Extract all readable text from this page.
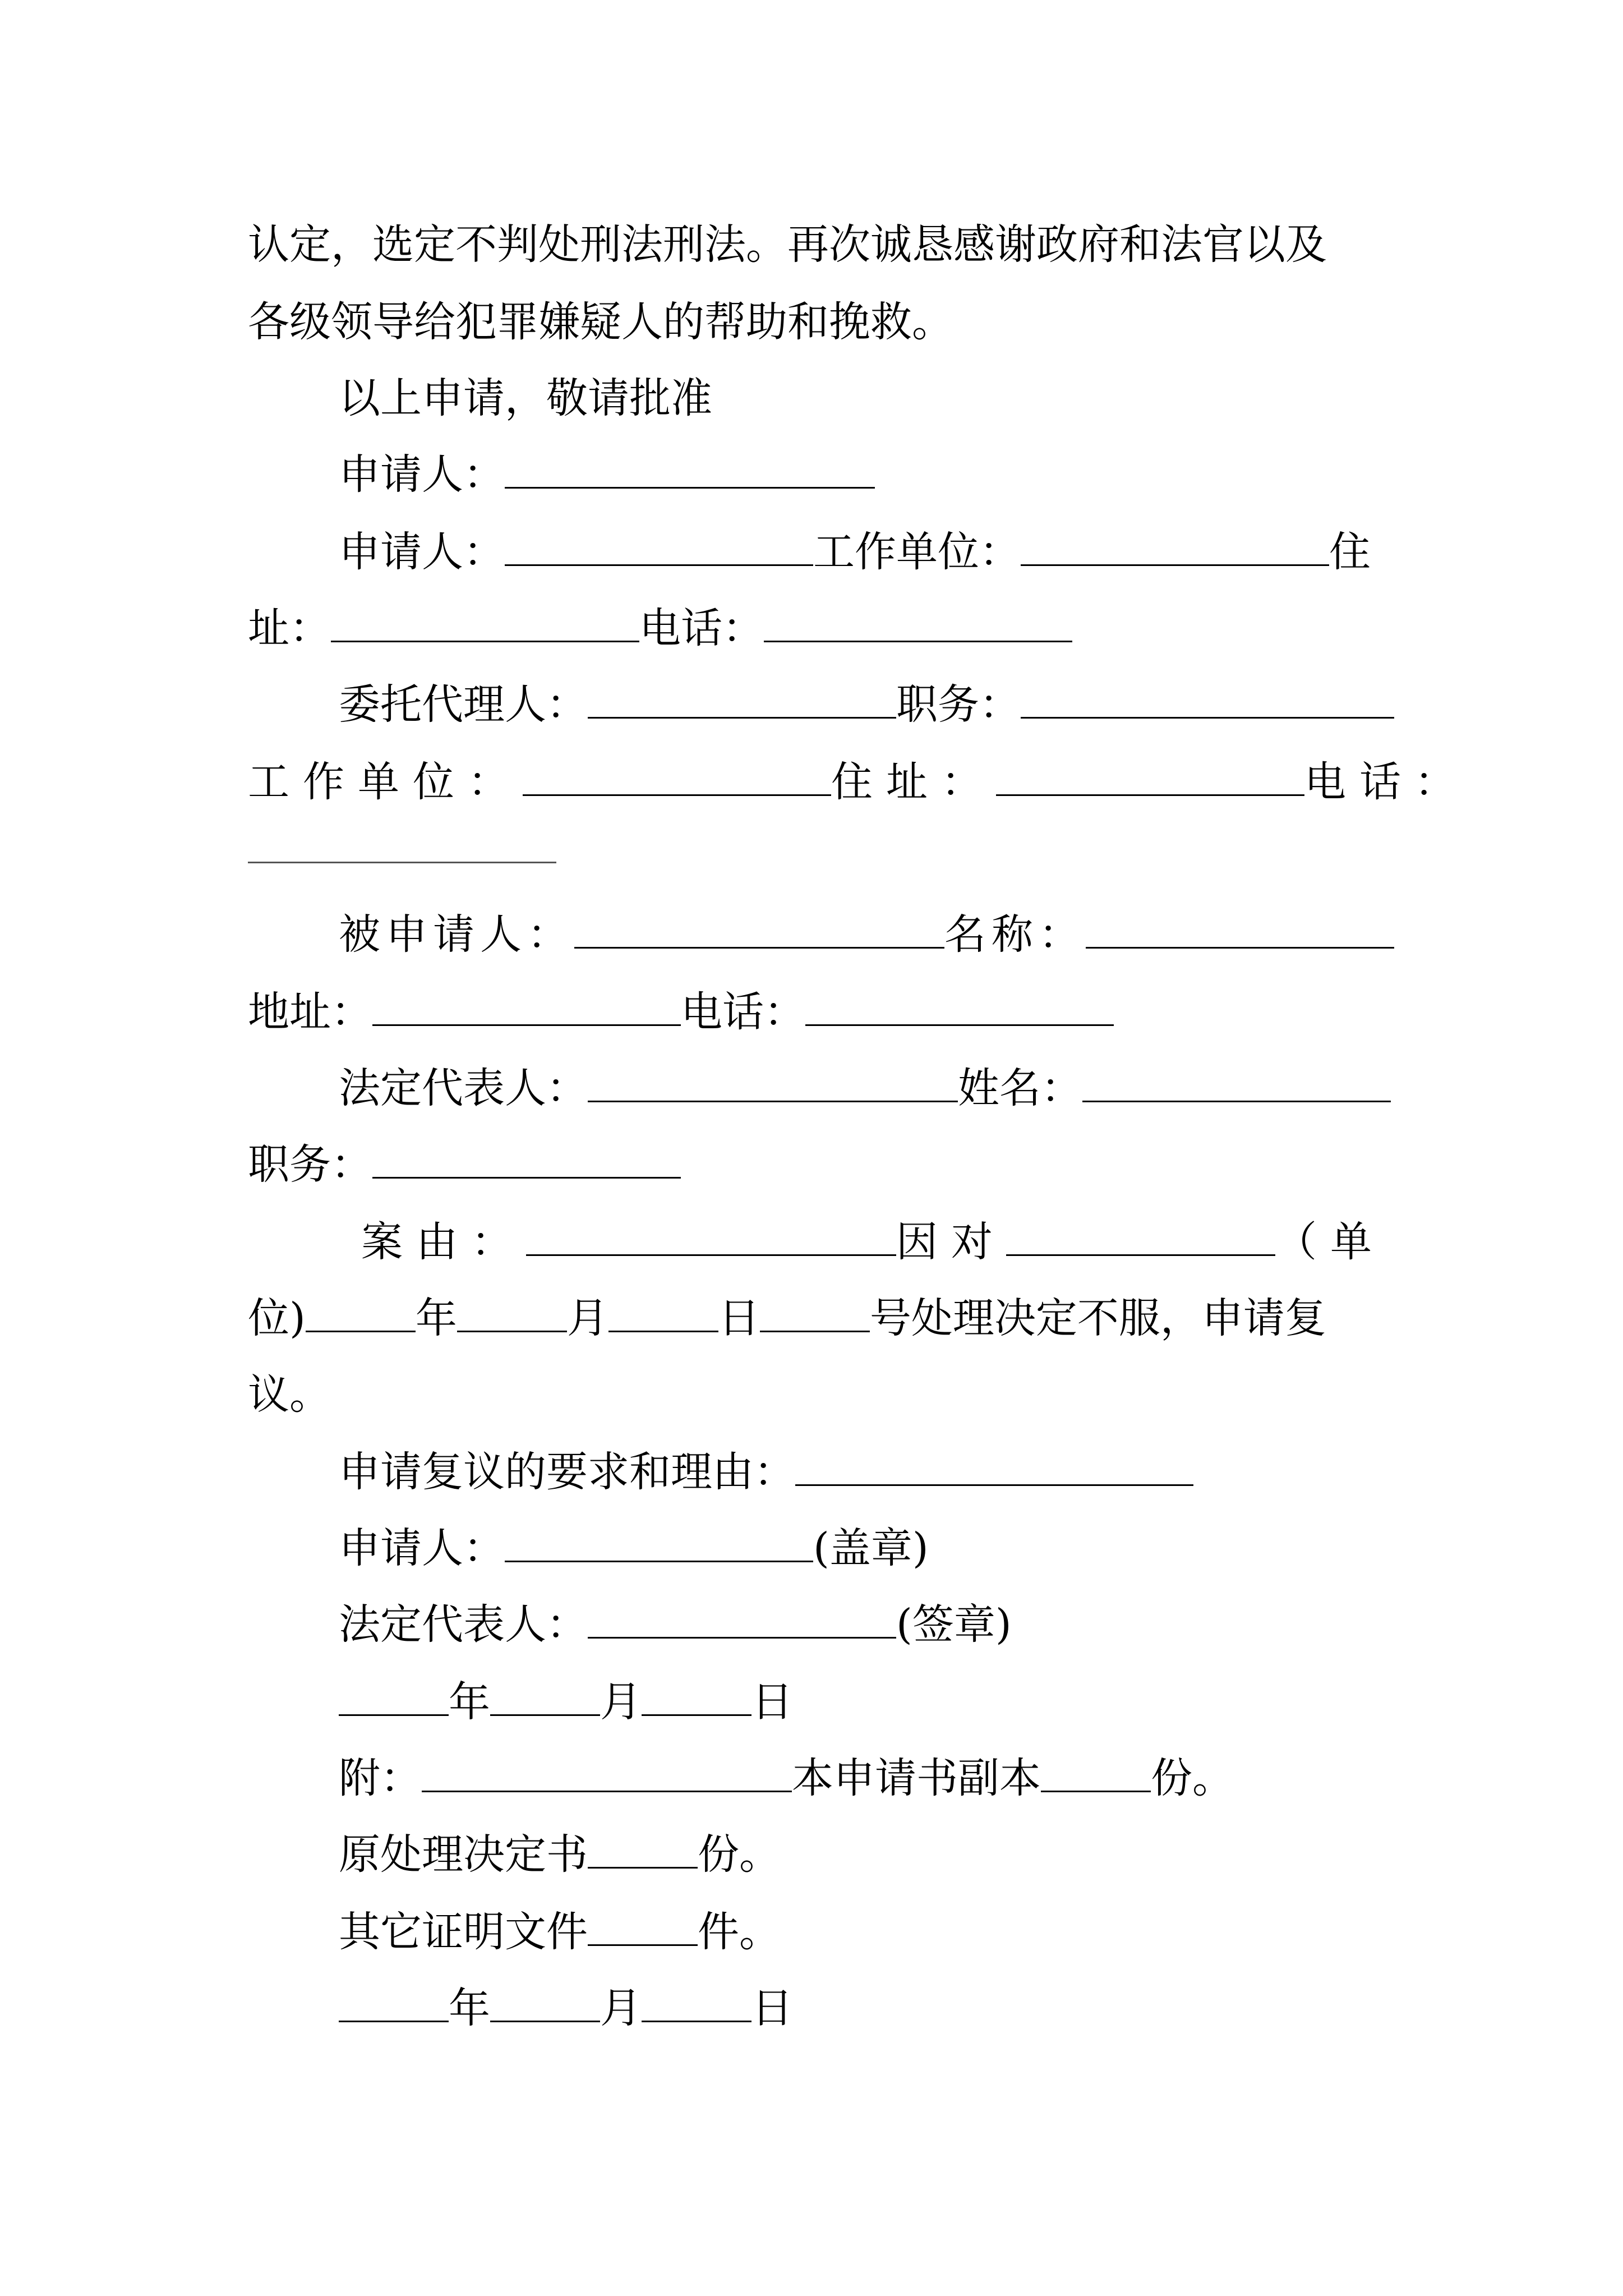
认定，选定不判处刑法刑法。再次诚恳感谢政府和法官以及
各级领导给犯罪嫌疑人的帮助和挽救。
以上申请，敬请批准
申请人：
申请人：	工作单位：	住
址：	电话：
委托代理人：	职务：
工作单位：	住址：	电话：
被申请人：	名称：
地址：	电话：
法定代表人：	姓名：
职务：
案由：	因对	（单
位)	年	月	日	号处理决定不服，申请复
议。
申请复议的要求和理由：
申请人：	(盖章)
法定代表人：	(签章)
年	月	日
附：	本申请书副本	份。
原处理决定书	份。
其它证明文件	件。
年	月	日
